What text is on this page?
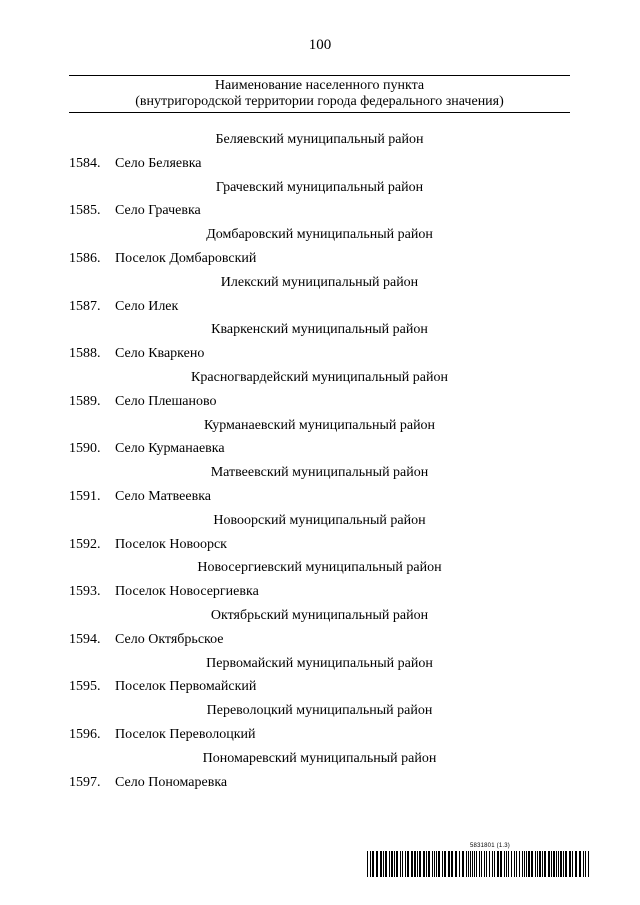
100
Наименование населенного пункта
(внутригородской территории города федерального значения)
Беляевский муниципальный район
1584. Село Беляевка
Грачевский муниципальный район
1585. Село Грачевка
Домбаровский муниципальный район
1586. Поселок Домбаровский
Илекский муниципальный район
1587. Село Илек
Кваркенский муниципальный район
1588. Село Кваркено
Красногвардейский муниципальный район
1589. Село Плешаново
Курманаевский муниципальный район
1590. Село Курманаевка
Матвеевский муниципальный район
1591. Село Матвеевка
Новоорский муниципальный район
1592. Поселок Новоорск
Новосергиевский муниципальный район
1593. Поселок Новосергиевка
Октябрьский муниципальный район
1594. Село Октябрьское
Первомайский муниципальный район
1595. Поселок Первомайский
Переволоцкий муниципальный район
1596. Поселок Переволоцкий
Пономаревский муниципальный район
1597. Село Пономаревка
5831801 (1.3)
